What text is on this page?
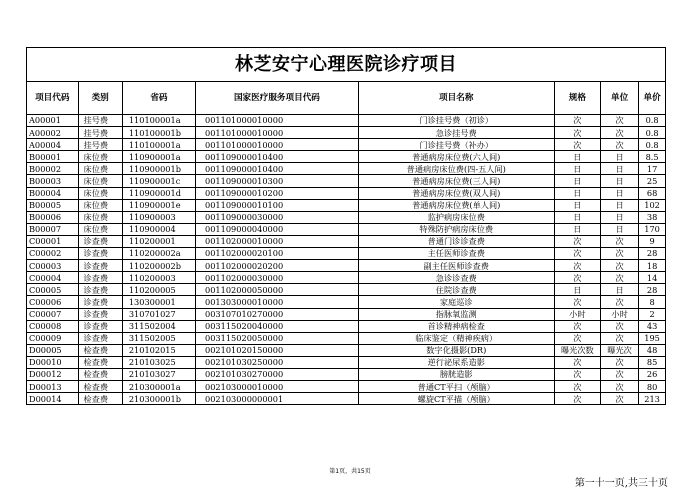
林芝安宁心理医院诊疗项目							
项目代码	类别	省码	国家医疗服务项目代码	项目名称	规格	单位	单价
A00001	挂号费	110100001a	001101000010000	门诊挂号费（初诊）	次	次	0.8
A00002	挂号费	110100001b	001101000010000	急诊挂号费	次	次	0.8
A00004	挂号费	110100001a	001101000010000	门诊挂号费（补办）	次	次	0.8
B00001	床位费	110900001a	001109000010400	普通病房床位费(六人间)	日	日	8.5
B00002	床位费	110900001b	001109000010400	普通病房床位费(四-五人间)	日	日	17
B00003	床位费	110900001c	001109000010300	普通病房床位费(三人间)	日	日	25
B00004	床位费	110900001d	001109000010200	普通病房床位费(双人间)	日	日	68
B00005	床位费	110900001e	001109000010100	普通病房床位费(单人间)	日	日	102
B00006	床位费	110900003	001109000030000	监护病房床位费	日	日	38
B00007	床位费	110900004	001109000040000	特殊防护病房床位费	日	日	170
C00001	诊查费	110200001	001102000010000	普通门诊诊查费	次	次	9
C00002	诊查费	110200002a	001102000020100	主任医师诊查费	次	次	28
C00003	诊查费	110200002b	001102000020200	副主任医师诊查费	次	次	18
C00004	诊查费	110200003	001102000030000	急诊诊查费	次	次	14
C00005	诊查费	110200005	001102000050000	住院诊查费	日	日	28
C00006	诊查费	130300001	001303000010000	家庭巡诊	次	次	8
C00007	诊查费	310701027	003107010270000	指脉氧监测	小时	小时	2
C00008	诊查费	311502004	003115020040000	首诊精神病检查	次	次	43
C00009	诊查费	311502005	003115020050000	临床鉴定（精神疾病）	次	次	195
D00005	检查费	210102015	002101020150000	数字化摄影(DR)	曝光次数	曝光次	48
D00010	检查费	210103025	002101030250000	逆行泌尿系造影	次	次	85
D00012	检查费	210103027	002101030270000	膀胱造影	次	次	26
D00013	检查费	210300001a	002103000010000	普通CT平扫（颅脑）	次	次	80
D00014	检查费	210300001b	002103000000001	螺旋CT平描（颅脑）	次	次	213
第1页，共15页
第一十一页,共三十页
